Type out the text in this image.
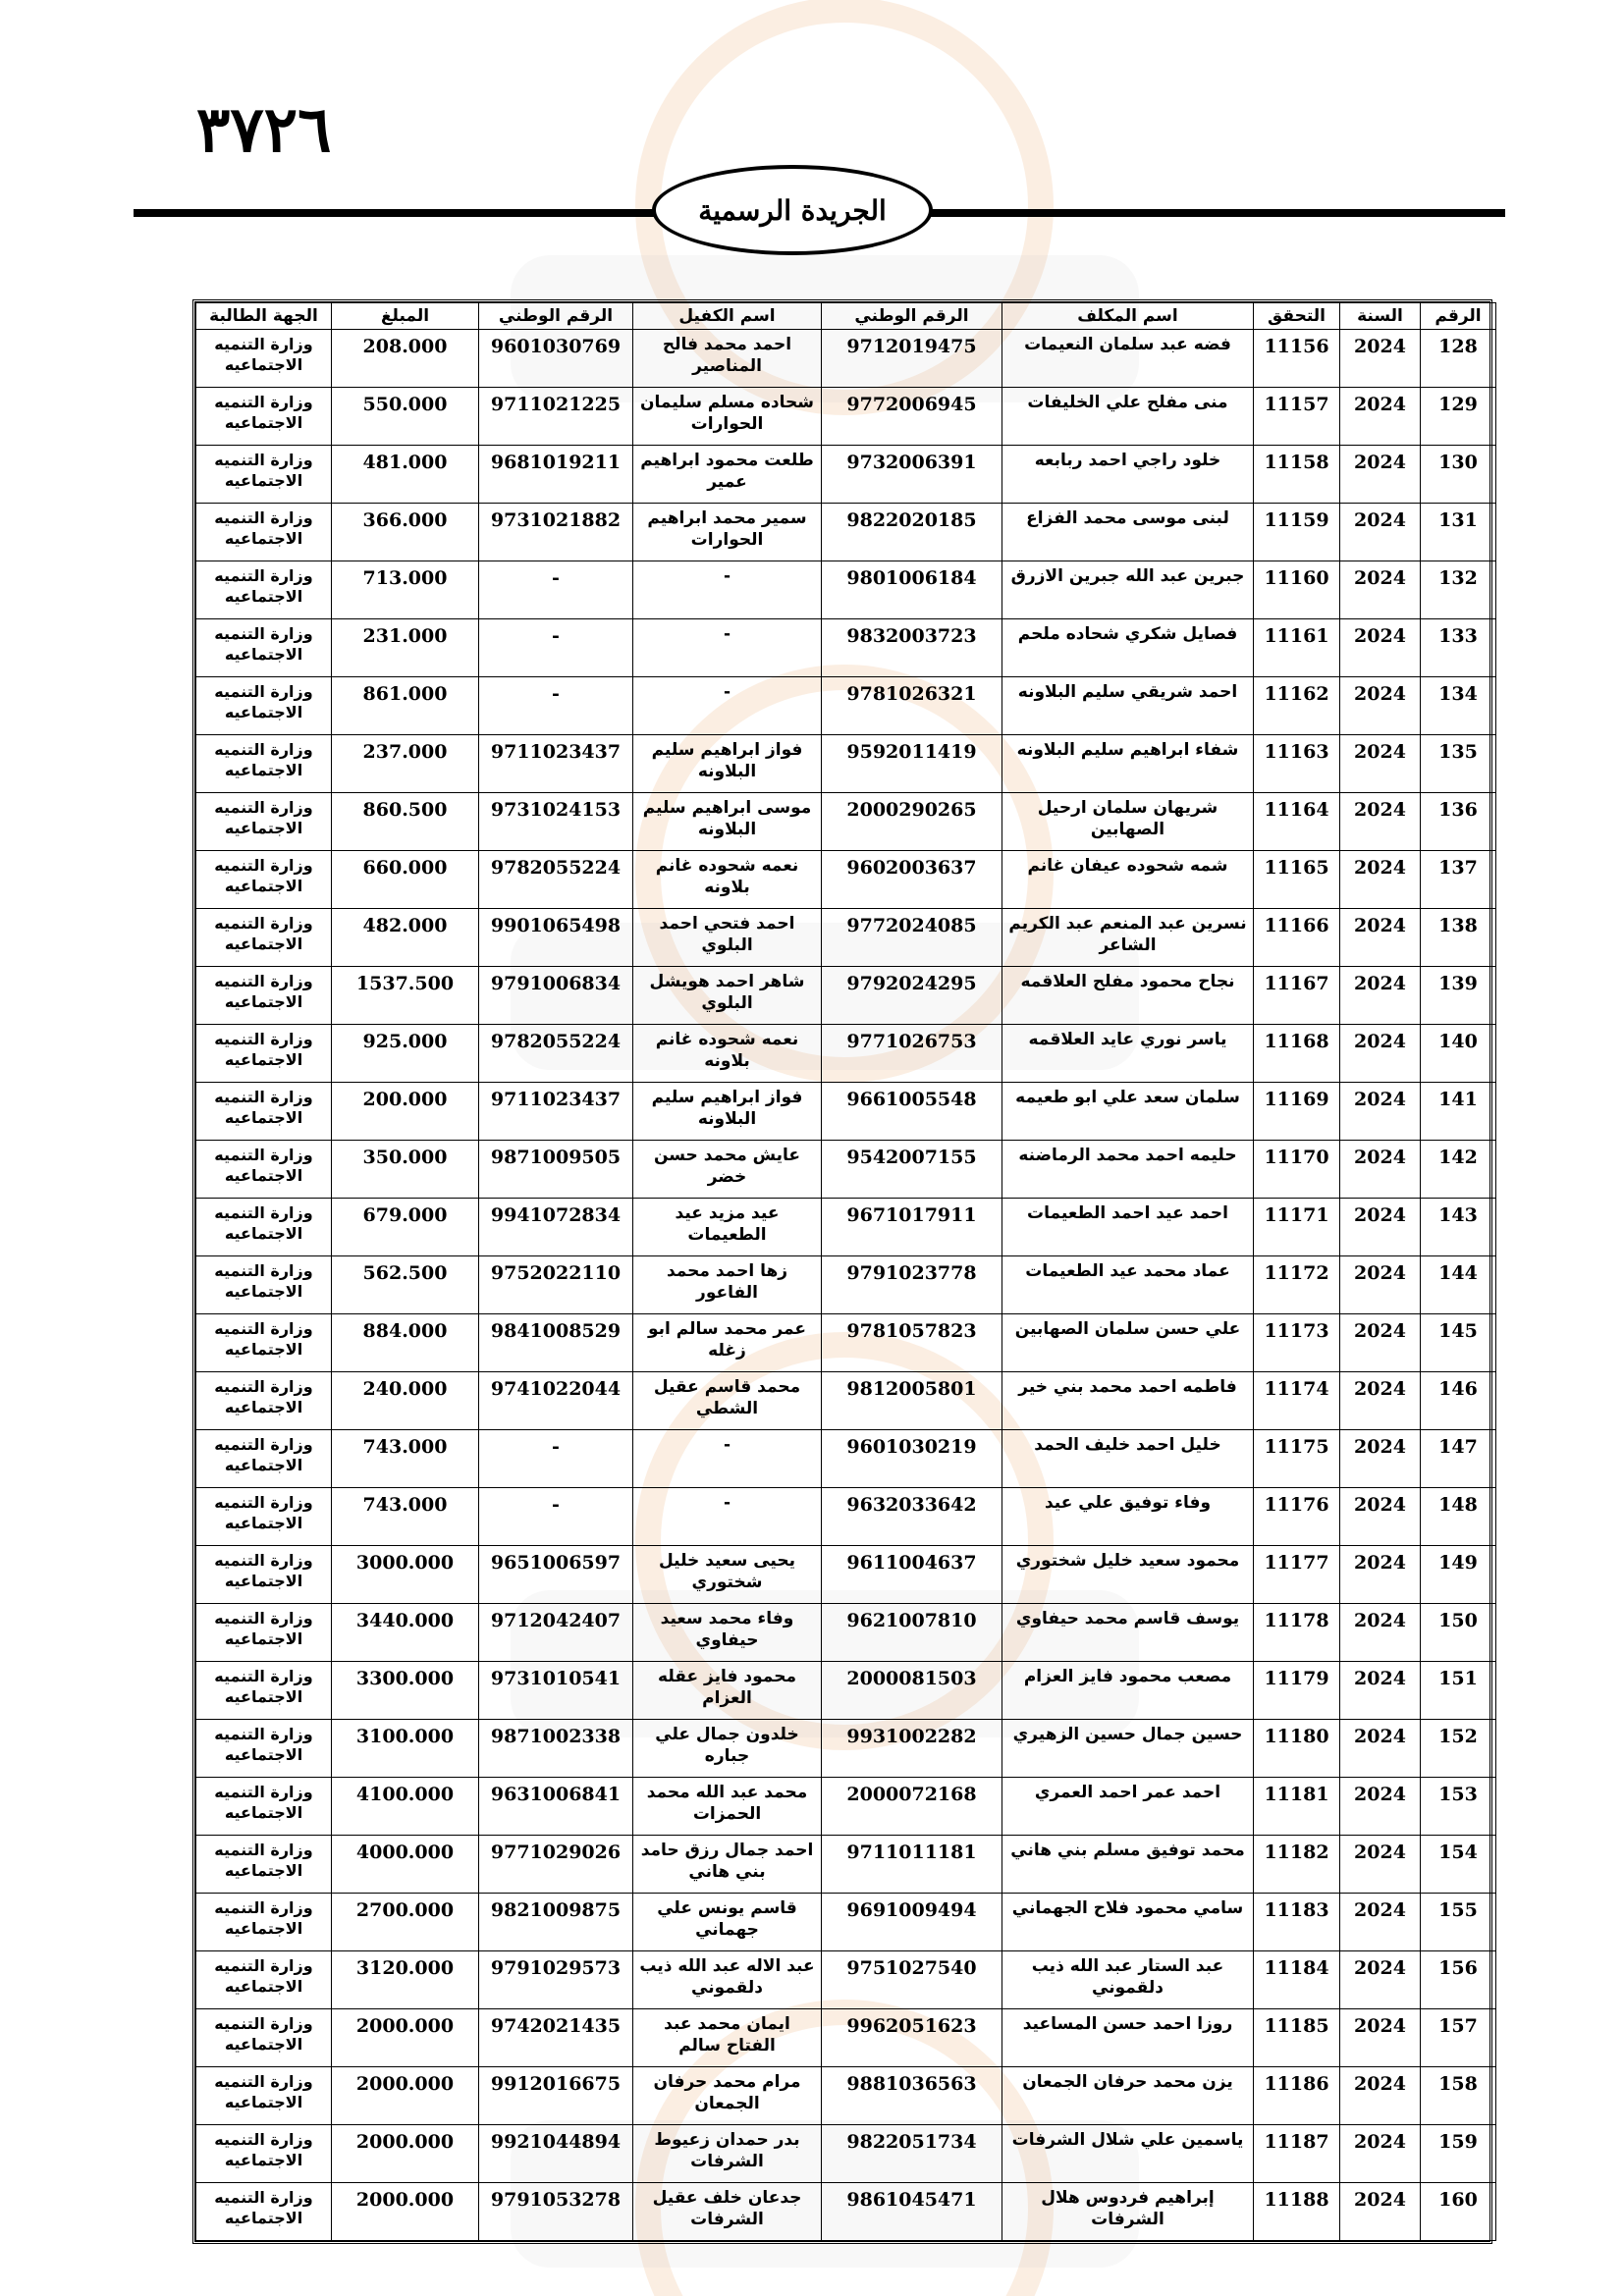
٣٧٢٦
الجريدة الرسمية
الرقم	السنة	التحقق	اسم المكلف	الرقم الوطني	اسم الكفيل	الرقم الوطني	المبلغ	الجهة الطالبة
128	2024	11156	فضه عبد سلمان النعيمات	9712019475	احمد محمد فالح المناصير	9601030769	208.000	وزارة التنميه الاجتماعيه
129	2024	11157	منى مفلح علي الخليفات	9772006945	شحاده مسلم سليمان الحوارات	9711021225	550.000	وزارة التنميه الاجتماعيه
130	2024	11158	خلود راجي احمد ربابعه	9732006391	طلعت محمود ابراهيم عمير	9681019211	481.000	وزارة التنميه الاجتماعيه
131	2024	11159	لبنى موسى محمد الفزاع	9822020185	سمير محمد ابراهيم الحوارات	9731021882	366.000	وزارة التنميه الاجتماعيه
132	2024	11160	جبرين عبد الله جبرين الازرق	9801006184	-	-	713.000	وزارة التنميه الاجتماعيه
133	2024	11161	فصايل شكري شحاده ملحم	9832003723	-	-	231.000	وزارة التنميه الاجتماعيه
134	2024	11162	احمد شريقي سليم البلاونه	9781026321	-	-	861.000	وزارة التنميه الاجتماعيه
135	2024	11163	شفاء ابراهيم سليم البلاونه	9592011419	فواز ابراهيم سليم البلاونه	9711023437	237.000	وزارة التنميه الاجتماعيه
136	2024	11164	شريهان سلمان ارحيل الصهابين	2000290265	موسى ابراهيم سليم البلاونه	9731024153	860.500	وزارة التنميه الاجتماعيه
137	2024	11165	شمه شحوده عيفان غانم	9602003637	نعمه شحوده غانم بلاونه	9782055224	660.000	وزارة التنميه الاجتماعيه
138	2024	11166	نسرين عبد المنعم عبد الكريم الشاعر	9772024085	احمد فتحي احمد البلوي	9901065498	482.000	وزارة التنميه الاجتماعيه
139	2024	11167	نجاح محمود مفلح العلاقمه	9792024295	شاهر احمد هويشل البلوي	9791006834	1537.500	وزارة التنميه الاجتماعيه
140	2024	11168	ياسر نوري عايد العلاقمه	9771026753	نعمه شحوده غانم بلاونه	9782055224	925.000	وزارة التنميه الاجتماعيه
141	2024	11169	سلمان سعد علي ابو طعيمه	9661005548	فواز ابراهيم سليم البلاونه	9711023437	200.000	وزارة التنميه الاجتماعيه
142	2024	11170	حليمه احمد محمد الرماضنه	9542007155	عايش محمد حسن خضر	9871009505	350.000	وزارة التنميه الاجتماعيه
143	2024	11171	احمد عيد احمد الطعيمات	9671017911	عيد مزيد عيد الطعيمات	9941072834	679.000	وزارة التنميه الاجتماعيه
144	2024	11172	عماد محمد عيد الطعيمات	9791023778	زها احمد محمد الفاعور	9752022110	562.500	وزارة التنميه الاجتماعيه
145	2024	11173	علي حسن سلمان الصهابين	9781057823	عمر محمد سالم ابو زغله	9841008529	884.000	وزارة التنميه الاجتماعيه
146	2024	11174	فاطمه احمد محمد بني خير	9812005801	محمد قاسم عقيل الشطي	9741022044	240.000	وزارة التنميه الاجتماعيه
147	2024	11175	خليل احمد خليف الحمد	9601030219	-	-	743.000	وزارة التنميه الاجتماعيه
148	2024	11176	وفاء توفيق علي عيد	9632033642	-	-	743.000	وزارة التنميه الاجتماعيه
149	2024	11177	محمود سعيد خليل شختوري	9611004637	يحيى سعيد خليل شختوري	9651006597	3000.000	وزارة التنميه الاجتماعيه
150	2024	11178	يوسف قاسم محمد حيفاوي	9621007810	وفاء محمد سعيد حيفاوي	9712042407	3440.000	وزارة التنميه الاجتماعيه
151	2024	11179	مصعب محمود فايز العزام	2000081503	محمود فايز عقله العزام	9731010541	3300.000	وزارة التنميه الاجتماعيه
152	2024	11180	حسين جمال حسين الزهيري	9931002282	خلدون جمال علي جباره	9871002338	3100.000	وزارة التنميه الاجتماعيه
153	2024	11181	احمد عمر احمد العمري	2000072168	محمد عبد الله محمد الحمزات	9631006841	4100.000	وزارة التنميه الاجتماعيه
154	2024	11182	محمد توفيق مسلم بني هاني	9711011181	احمد جمال رزق حامد بني هاني	9771029026	4000.000	وزارة التنميه الاجتماعيه
155	2024	11183	سامي محمود فلاح الجهماني	9691009494	قاسم يونس علي جهماني	9821009875	2700.000	وزارة التنميه الاجتماعيه
156	2024	11184	عبد الستار عبد الله ذيب دلقموني	9751027540	عبد الاله عبد الله ذيب دلقموني	9791029573	3120.000	وزارة التنميه الاجتماعيه
157	2024	11185	روزا احمد حسن المساعيد	9962051623	ايمان محمد عبد الفتاح سالم	9742021435	2000.000	وزارة التنميه الاجتماعيه
158	2024	11186	يزن محمد حرفان الجمعان	9881036563	مرام محمد حرفان الجمعان	9912016675	2000.000	وزارة التنميه الاجتماعيه
159	2024	11187	ياسمين علي شلال الشرفات	9822051734	بدر حمدان زعيوط الشرفات	9921044894	2000.000	وزارة التنميه الاجتماعيه
160	2024	11188	إبراهيم فردوس هلال الشرفات	9861045471	جدعان خلف عقيل الشرفات	9791053278	2000.000	وزارة التنميه الاجتماعيه
